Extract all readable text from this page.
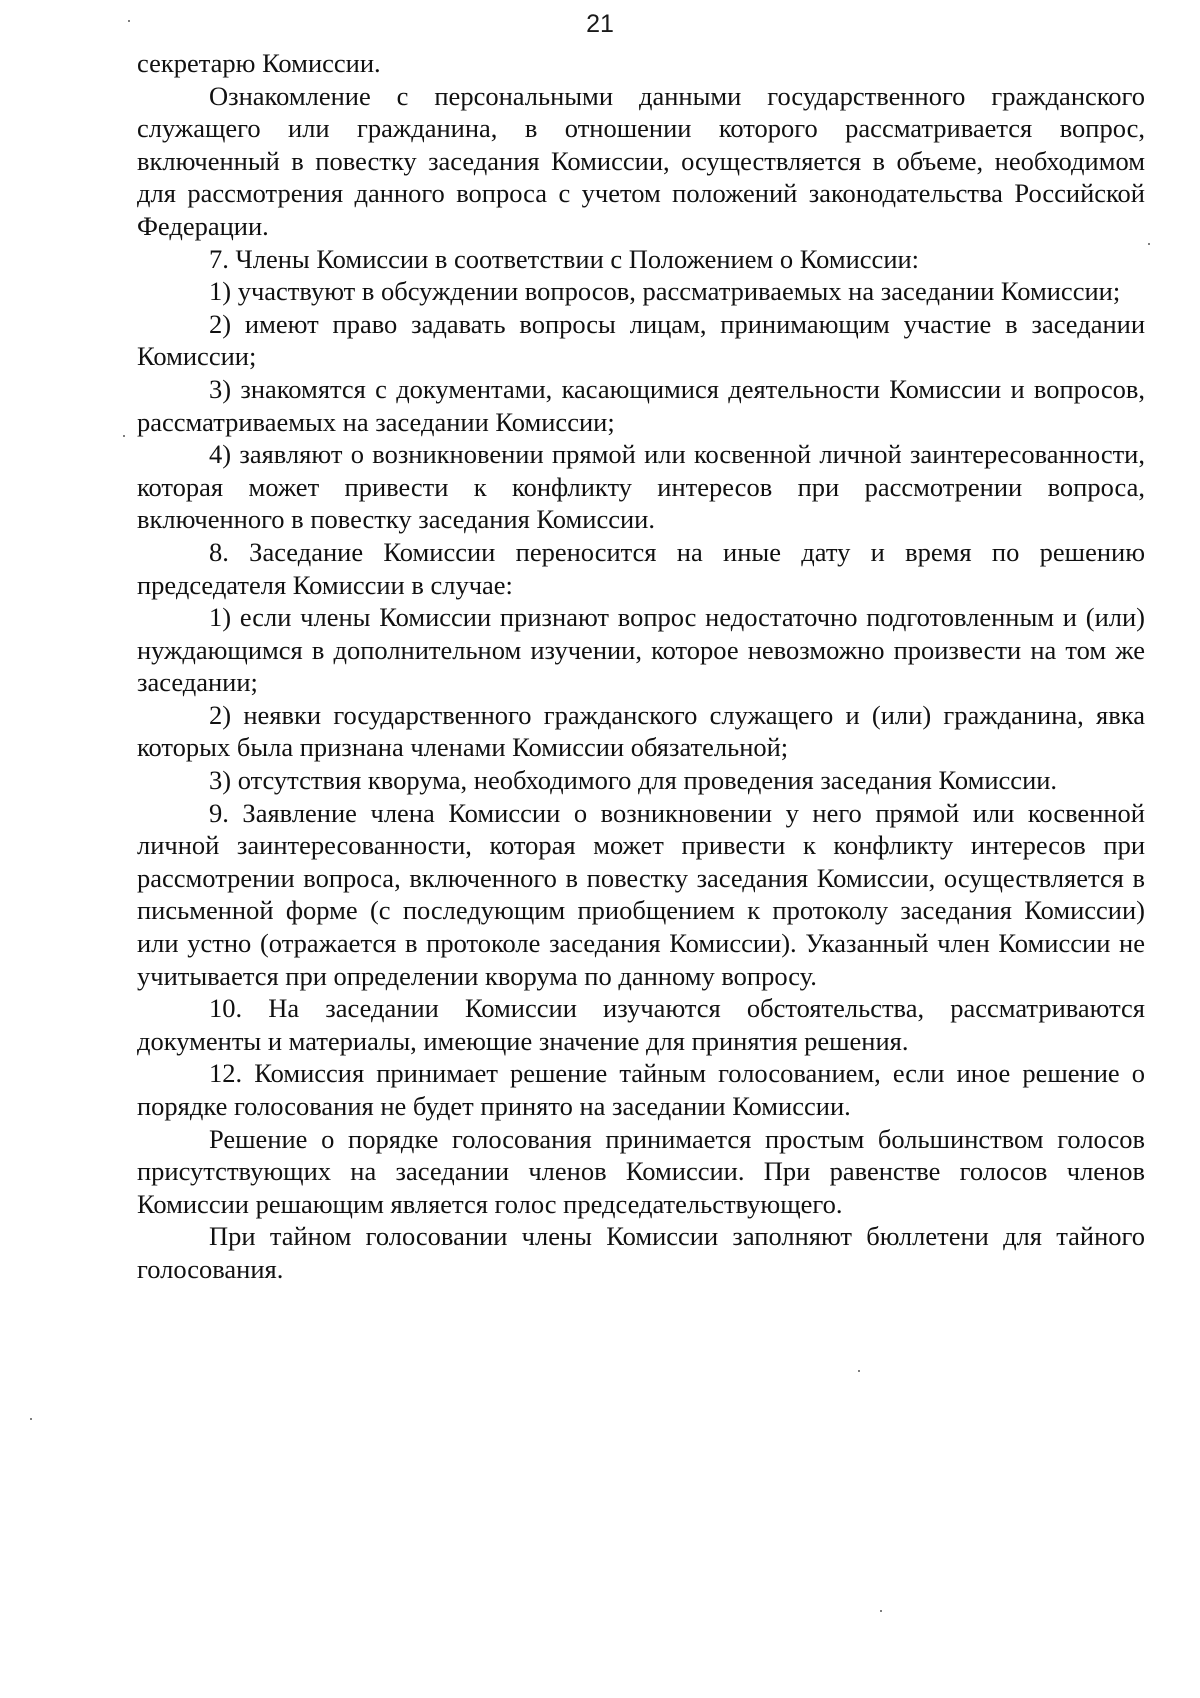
21

секретарю Комиссии.

Ознакомление с персональными данными государственного гражданского служащего или гражданина, в отношении которого рассматривается вопрос, включенный в повестку заседания Комиссии, осуществляется в объеме, необходимом для рассмотрения данного вопроса с учетом положений законодательства Российской Федерации.

7. Члены Комиссии в соответствии с Положением о Комиссии:

1) участвуют в обсуждении вопросов, рассматриваемых на заседании Комиссии;

2) имеют право задавать вопросы лицам, принимающим участие в заседании Комиссии;

3) знакомятся с документами, касающимися деятельности Комиссии и вопросов, рассматриваемых на заседании Комиссии;

4) заявляют о возникновении прямой или косвенной личной заинтересованности, которая может привести к конфликту интересов при рассмотрении вопроса, включенного в повестку заседания Комиссии.

8. Заседание Комиссии переносится на иные дату и время по решению председателя Комиссии в случае:

1) если члены Комиссии признают вопрос недостаточно подготовленным и (или) нуждающимся в дополнительном изучении, которое невозможно произвести на том же заседании;

2) неявки государственного гражданского служащего и (или) гражданина, явка которых была признана членами Комиссии обязательной;

3) отсутствия кворума, необходимого для проведения заседания Комиссии.

9. Заявление члена Комиссии о возникновении у него прямой или косвенной личной заинтересованности, которая может привести к конфликту интересов при рассмотрении вопроса, включенного в повестку заседания Комиссии, осуществляется в письменной форме (с последующим приобщением к протоколу заседания Комиссии) или устно (отражается в протоколе заседания Комиссии). Указанный член Комиссии не учитывается при определении кворума по данному вопросу.

10. На заседании Комиссии изучаются обстоятельства, рассматриваются документы и материалы, имеющие значение для принятия решения.

12. Комиссия принимает решение тайным голосованием, если иное решение о порядке голосования не будет принято на заседании Комиссии.

Решение о порядке голосования принимается простым большинством голосов присутствующих на заседании членов Комиссии. При равенстве голосов членов Комиссии решающим является голос председательствующего.

При тайном голосовании члены Комиссии заполняют бюллетени для тайного голосования.
